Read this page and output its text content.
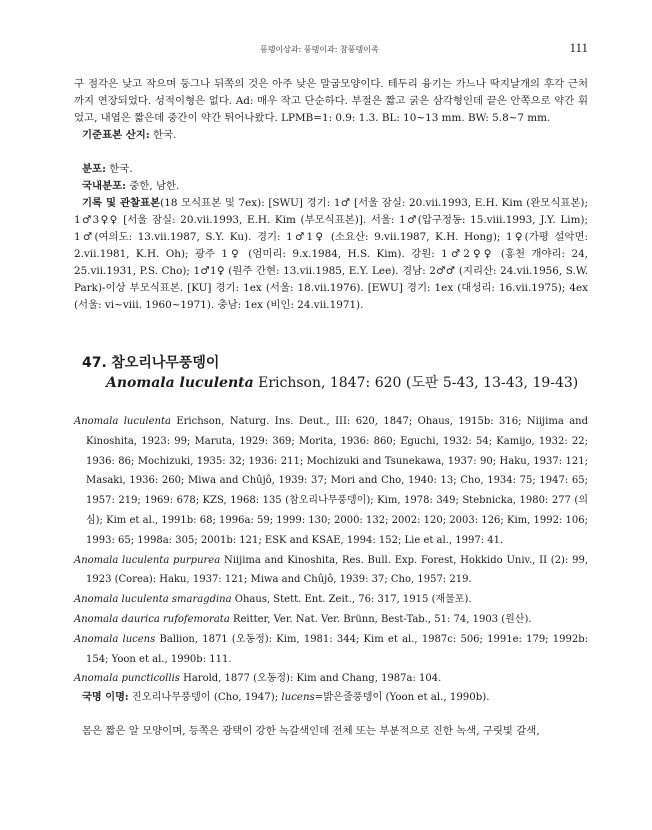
풍뎅이상과: 풍뎅이과: 참풍뎅이족	111

구 점각은 낮고 작으며 둥그나 뒤쪽의 것은 아주 낮은 말굽모양이다. 테두리 융기는 가느나 딱지날개의 후각 근처까지 연장되었다. 성적이형은 없다. Ad: 매우 작고 단순하다. 부절은 짧고 굵은 삼각형인데 끝은 안쪽으로 약간 휘었고, 내엽은 짧은데 중간이 약간 튀어나왔다. LPMB=1: 0.9: 1.3. BL: 10~13 mm. BW: 5.8~7 mm.

기준표본 산지: 한국.

분포: 한국.

국내분포: 중한, 남한.

기록 및 관찰표본(18 모식표본 및 7ex): [SWU] 경기: 1♂ [서울 잠실: 20.vii.1993, E.H. Kim (완모식표본); 1♂3♀♀ [서울 잠실: 20.vii.1993, E.H. Kim (부모식표본)]. 서울: 1♂(압구정동: 15.viii.1993, J.Y. Lim); 1♂(여의도: 13.vii.1987, S.Y. Ku). 경기: 1♂1♀ (소요산: 9.vii.1987, K.H. Hong); 1♀(가평 설악면: 2.vii.1981, K.H. Oh); 광주 1♀ (엄미리: 9.x.1984, H.S. Kim). 강원: 1♂2♀♀ (홍천 개야리: 24, 25.vii.1931, P.S. Cho); 1♂1♀ (원주 간현: 13.vii.1985, E.Y. Lee). 경남: 2♂♂ (지리산: 24.vii.1956, S.W. Park)-이상 부모식표본. [KU] 경기: 1ex (서울: 18.vii.1976). [EWU] 경기: 1ex (대성리: 16.vii.1975); 4ex (서울: vi~viii. 1960~1971). 충남: 1ex (비인: 24.vii.1971).

47. 참오리나무풍뎅이
Anomala luculenta Erichson, 1847: 620 (도판 5-43, 13-43, 19-43)

Anomala luculenta Erichson, Naturg. Ins. Deut., III: 620, 1847; Ohaus, 1915b: 316; Niijima and Kinoshita, 1923: 99; Maruta, 1929: 369; Morita, 1936: 860; Eguchi, 1932: 54; Kamijo, 1932: 22; 1936: 86; Mochizuki, 1935: 32; 1936: 211; Mochizuki and Tsunekawa, 1937: 90; Haku, 1937: 121; Masaki, 1936: 260; Miwa and Chûjô, 1939: 37; Mori and Cho, 1940: 13; Cho, 1934: 75; 1947: 65; 1957: 219; 1969: 678; KZS, 1968: 135 (참오리나무풍뎅이); Kim, 1978: 349; Stebnicka, 1980: 277 (의심); Kim et al., 1991b: 68; 1996a: 59; 1999: 130; 2000: 132; 2002: 120; 2003: 126; Kim, 1992: 106; 1993: 65; 1998a: 305; 2001b: 121; ESK and KSAE, 1994: 152; Lie et al., 1997: 41.

Anomala luculenta purpurea Niijima and Kinoshita, Res. Bull. Exp. Forest, Hokkido Univ., II (2): 99, 1923 (Corea): Haku, 1937: 121; Miwa and Chûjô, 1939: 37; Cho, 1957: 219.

Anomala luculenta smaragdina Ohaus, Stett. Ent. Zeit., 76: 317, 1915 (재물포).

Anomala daurica rufofemorata Reitter, Ver. Nat. Ver. Brünn, Best-Tab., 51: 74, 1903 (원산).

Anomala lucens Ballion, 1871 (오동정): Kim, 1981: 344; Kim et al., 1987c: 506; 1991e: 179; 1992b: 154; Yoon et al., 1990b: 111.

Anomala puncticollis Harold, 1877 (오동정): Kim and Chang, 1987a: 104.

국명 이명: 진오리나무풍뎅이 (Cho, 1947); lucens=밝은줄풍뎅이 (Yoon et al., 1990b).

몸은 짧은 알 모양이며, 등쪽은 광택이 강한 녹갈색인데 전체 또는 부분적으로 진한 녹색, 구릿빛 갈색,
